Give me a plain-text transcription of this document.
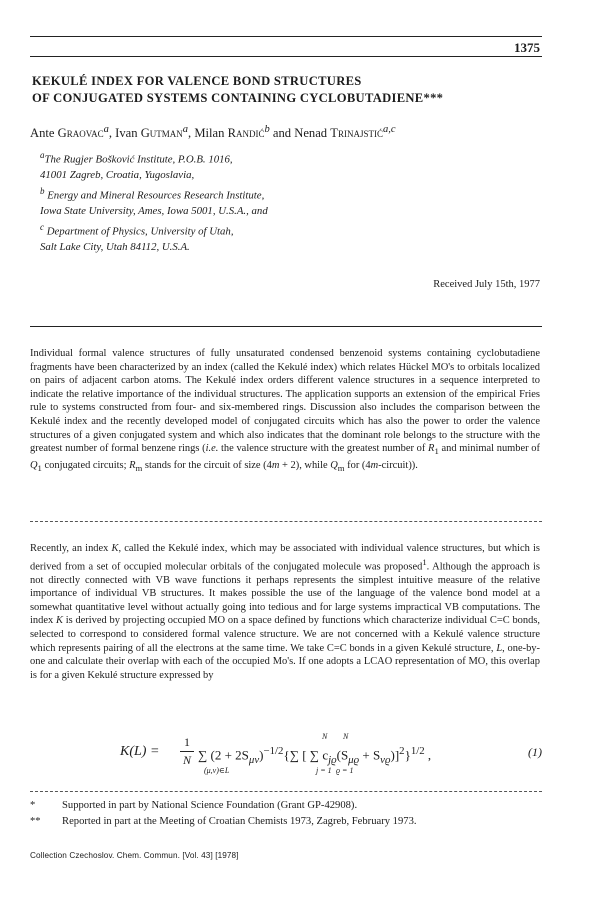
1375
KEKULÉ INDEX FOR VALENCE BOND STRUCTURES
OF CONJUGATED SYSTEMS CONTAINING CYCLOBUTADIENE***
Ante Graovac$^a$, Ivan Gutman$^a$, Milan Randić$^b$ and Nenad Trinajstić$^{a,c}$
$^a$The Rugjer Bošković Institute, P.O.B. 1016,
41001 Zagreb, Croatia, Yugoslavia,
$^b$ Energy and Mineral Resources Research Institute,
Iowa State University, Ames, Iowa 5001, U.S.A., and
$^c$ Department of Physics, University of Utah,
Salt Lake City, Utah 84112, U.S.A.
Received July 15th, 1977
Individual formal valence structures of fully unsaturated condensed benzenoid systems containing cyclobutadiene fragments have been characterized by an index (called the Kekulé index) which relates Hückel MO's to orbitals localized on pairs of adjacent carbon atoms. The Kekulé index orders different valence structures in a sequence interpreted to indicate the relative importance of the individual structures. The application supports an extension of the empirical Fries rule to systems constructed from four- and six-membered rings. Discussion also includes the comparison between the Kekulé index and the recently developed model of conjugated circuits which has also the power to order the valence structures of a given conjugated system and which also indicates that the dominant role belongs to the structure with the greatest number of formal benzene rings (i.e. the valence structure with the greatest number of $R_1$ and minimal number of $Q_1$ conjugated circuits; $R_m$ stands for the circuit of size (4m + 2), while $Q_m$ for (4m-circuit)).
Recently, an index K, called the Kekulé index, which may be associated with individual valence structures, but which is derived from a set of occupied molecular orbitals of the conjugated molecule was proposed$^1$. Although the approach is not directly connected with VB wave functions it perhaps represents the simplest intuitive measure of the relative importance of individual VB structures. It makes possible the use of the language of the valence bond model at a somewhat quantitative level without actually going into tedious and for large systems impractical VB computations. The index K is derived by projecting occupied MO on a space defined by functions which characterize individual C=C bonds, selected to correspond to considered formal valence structure. We are not concerned with a Kekulé valence structure which represents pairing of all the electrons at the same time. We take C=C bonds in a given Kekulé structure, L, one-by-one and calculate their overlap with each of the occupied Mo's. If one adopts a LCAO representation of MO, this overlap is for a given Kekulé structure expressed by
K(L) =
1
N ∑ $(2 + 2S_{\mu\nu})^{-1/2}\{\sum$ [ ∑ $c_{jϱ}(S_{\mu ϱ} + S_{\nu ϱ})]^2\}^{1/2}$ ,
(μ,ν)∈L
N
j = 1
N
ϱ = 1
(1)
*	Supported in part by National Science Foundation (Grant GP-42908).
**	Reported in part at the Meeting of Croatian Chemists 1973, Zagreb, February 1973.
Collection Czechoslov. Chem. Commun. [Vol. 43] [1978]
